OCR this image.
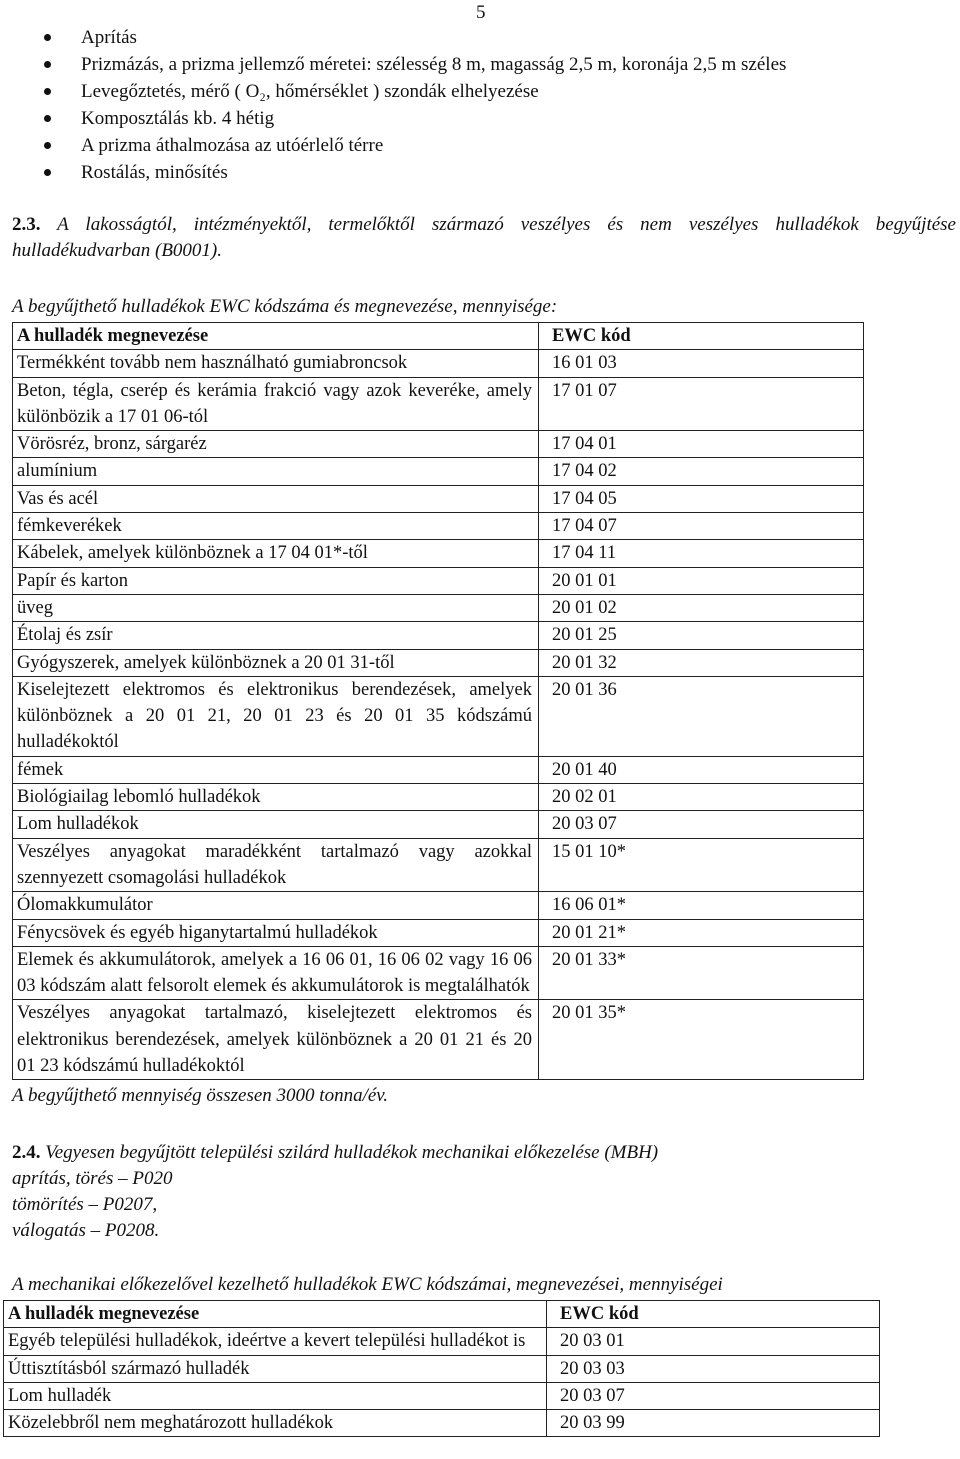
5
Aprítás
Prizmázás, a prizma jellemző méretei: szélesség 8 m, magasság 2,5 m, koronája 2,5 m széles
Levegőztetés, mérő ( O₂, hőmérséklet ) szondák elhelyezése
Komposztálás kb. 4 hétig
A prizma áthalmozása az utóérlelő térre
Rostálás, minősítés
2.3. A lakosságtól, intézményektől, termelőktől származó veszélyes és nem veszélyes hulladékok begyűjtése hulladékudvarban (B0001).
A begyűjthető hulladékok EWC kódszáma és megnevezése, mennyisége:
A hulladék megnevezése	EWC kód
Termékként tovább nem használható gumiabroncsok	16 01 03
Beton, tégla, cserép és kerámia frakció vagy azok keveréke, amely különbözik a 17 01 06-tól	17 01 07
Vörösréz, bronz, sárgaréz	17 04 01
alumínium	17 04 02
Vas és acél	17 04 05
fémkeverékek	17 04 07
Kábelek, amelyek különböznek a 17 04 01*-től	17 04 11
Papír és karton	20 01 01
üveg	20 01 02
Étolaj és zsír	20 01 25
Gyógyszerek, amelyek különböznek a 20 01 31-től	20 01 32
Kiselejtezett elektromos és elektronikus berendezések, amelyek különböznek a 20 01 21, 20 01 23 és 20 01 35 kódszámú hulladékoktól	20 01 36
fémek	20 01 40
Biológiailag lebomló hulladékok	20 02 01
Lom hulladékok	20 03 07
Veszélyes anyagokat maradékként tartalmazó vagy azokkal szennyezett csomagolási hulladékok	15 01 10*
Ólomakkumulátor	16 06 01*
Fénycsövek és egyéb higanytartalmú hulladékok	20 01 21*
Elemek és akkumulátorok, amelyek a 16 06 01, 16 06 02 vagy 16 06 03 kódszám alatt felsorolt elemek és akkumulátorok is megtalálhatók	20 01 33*
Veszélyes anyagokat tartalmazó, kiselejtezett elektromos és elektronikus berendezések, amelyek különböznek a 20 01 21 és 20 01 23 kódszámú hulladékoktól	20 01 35*
A begyűjthető mennyiség összesen 3000 tonna/év.
2.4. Vegyesen begyűjtött települési szilárd hulladékok mechanikai előkezelése (MBH)
aprítás, törés – P020
tömörítés – P0207,
válogatás – P0208.
A mechanikai előkezelővel kezelhető hulladékok EWC kódszámai, megnevezései, mennyiségei
A hulladék megnevezése	EWC kód
Egyéb települési hulladékok, ideértve a kevert települési hulladékot is	20 03 01
Úttisztításból származó hulladék	20 03 03
Lom hulladék	20 03 07
Közelebbről nem meghatározott hulladékok	20 03 99
